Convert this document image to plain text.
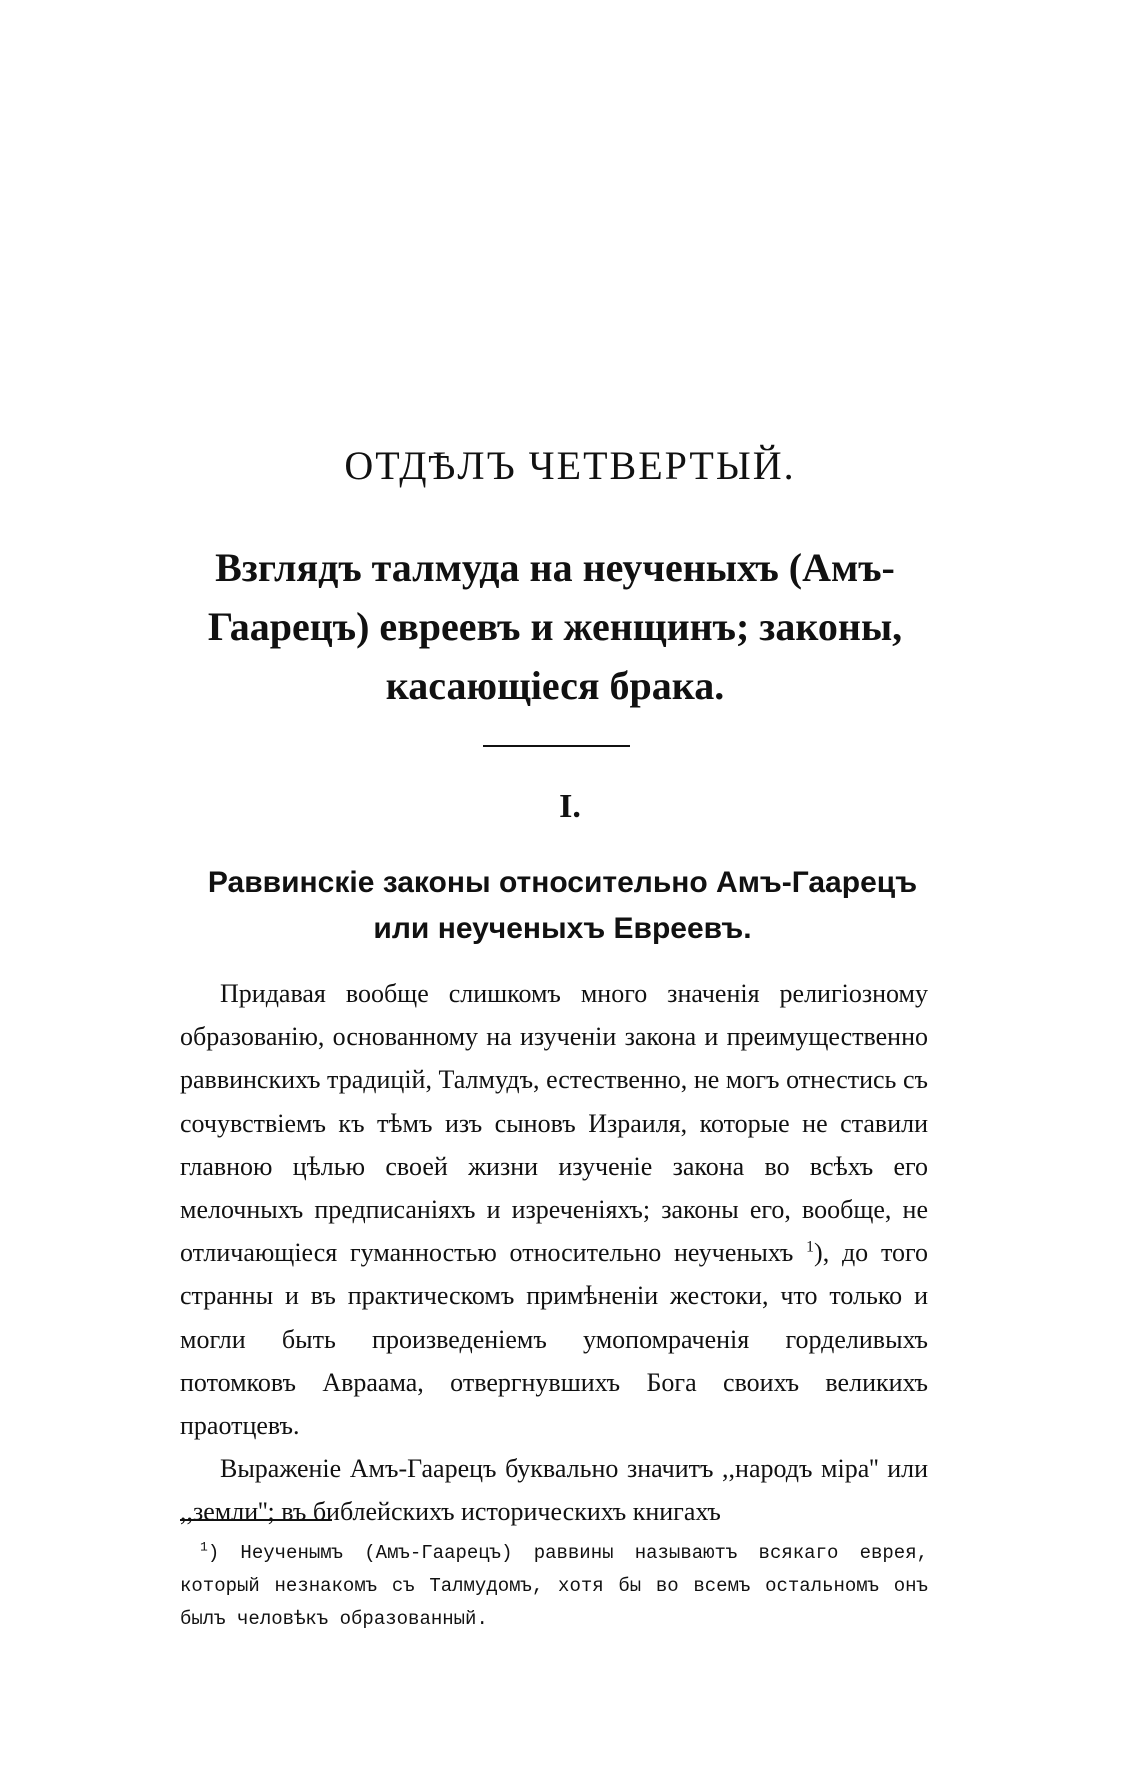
ОТДѢЛЪ ЧЕТВЕРТЫЙ.
Взглядъ талмуда на неученыхъ (Амъ-Гаарецъ) евреевъ и женщинъ; законы, касающіеся брака.
I.
Раввинскіе законы относительно Амъ-Гаарецъ или неученыхъ Евреевъ.

Придавая вообще слишкомъ много значенія религіозному образованію, основанному на изученіи закона и преимущественно раввинскихъ традицій, Талмудъ, естественно, не могъ отнестись съ сочувствіемъ къ тѣмъ изъ сыновъ Израиля, которые не ставили главною цѣлью своей жизни изученіе закона во всѣхъ его мелочныхъ предписаніяхъ и изреченіяхъ; законы его, вообще, не отличающіеся гуманностью относительно неученыхъ $^1$), до того странны и въ практическомъ примѣненіи жестоки, что только и могли быть произведеніемъ умопомраченія горделивыхъ потомковъ Авраама, отвергнувшихъ Бога своихъ великихъ праотцевъ.

Выраженіе Амъ-Гаарецъ буквально значитъ ,,народъ міра'' или ,,земли''; въ библейскихъ историческихъ книгахъ

$^1$) Неученымъ (Амъ-Гаарецъ) раввины называютъ всякаго еврея, который незнакомъ съ Талмудомъ, хотя бы во всемъ остальномъ онъ былъ человѣкъ образованный.
